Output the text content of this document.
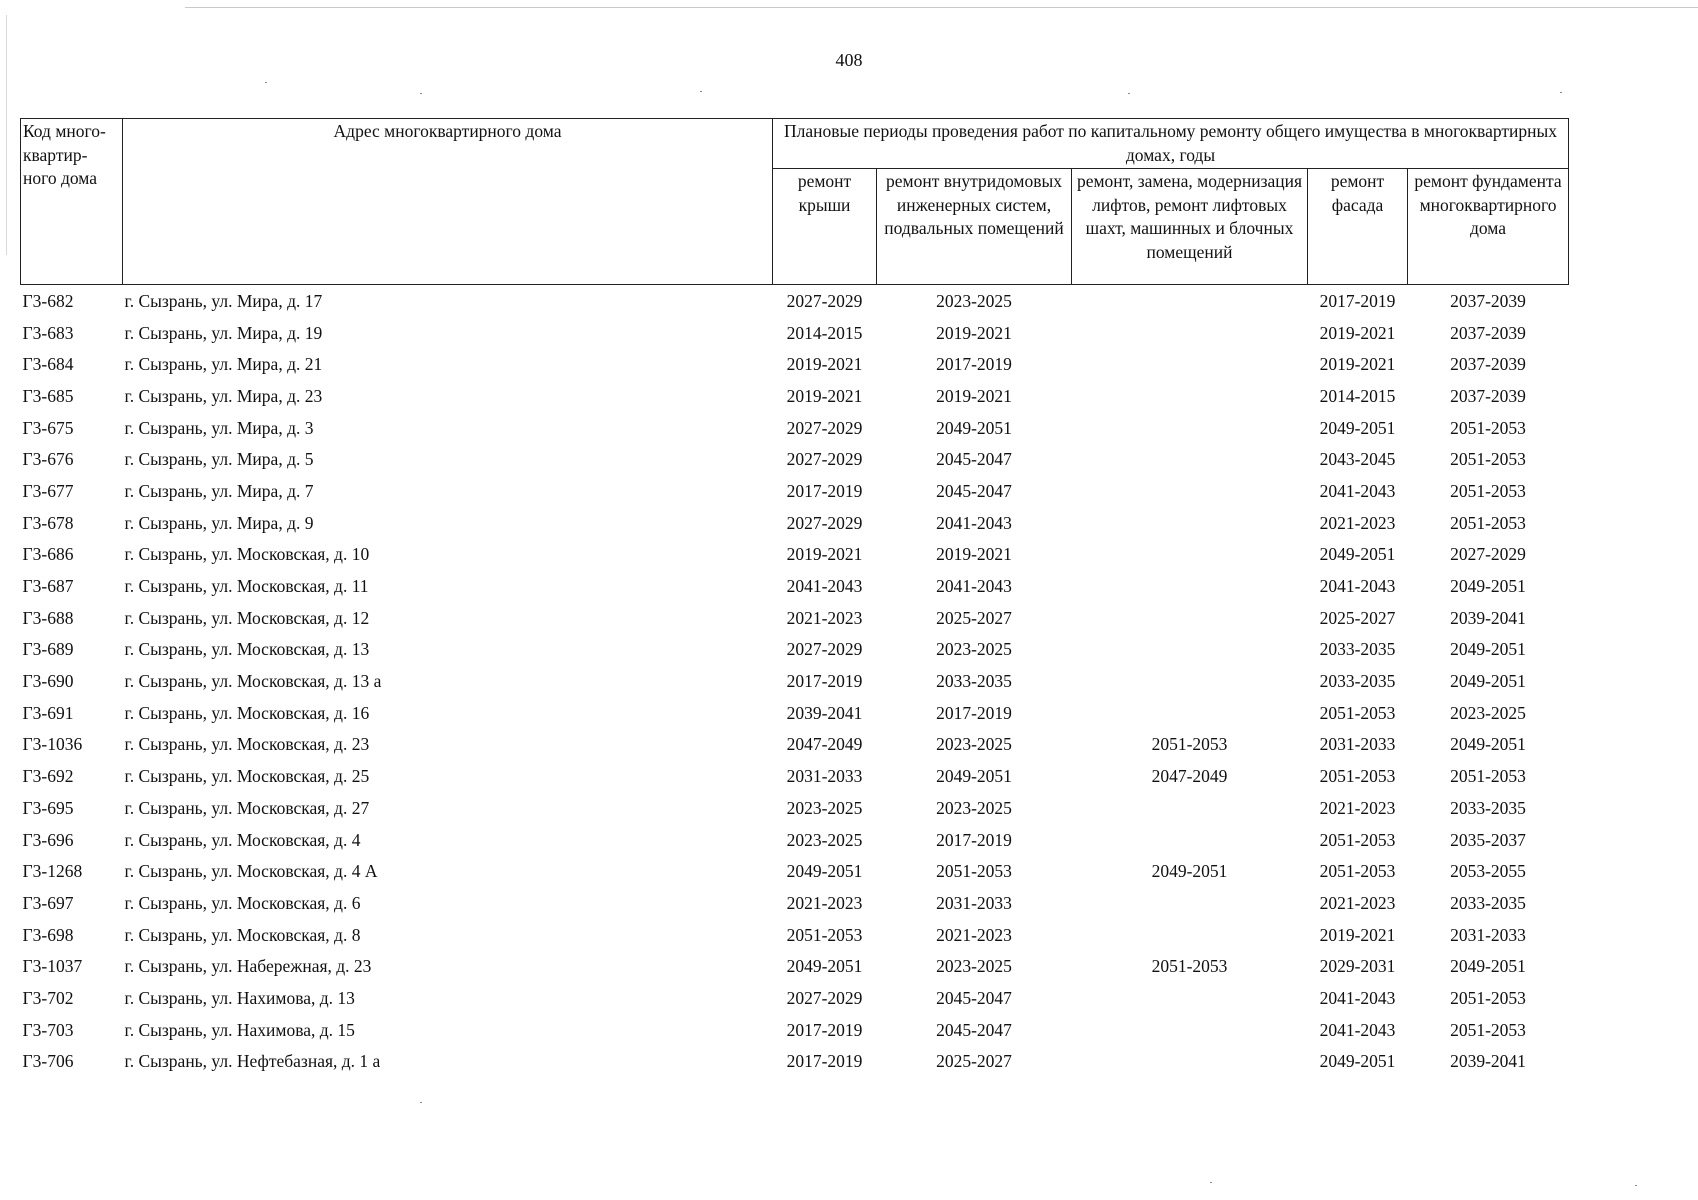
408
Код много-квартир-ного дома	Адрес многоквартирного дома	Плановые периоды проведения работ по капитальному ремонту общего имущества в многоквартирных домах, годы				
		ремонт крыши	ремонт внутридомовых инженерных систем, подвальных помещений	ремонт, замена, модернизация лифтов, ремонт лифтовых шахт, машинных и блочных помещений	ремонт фасада	ремонт фундамента многоквартирного дома
Г3-682	г. Сызрань, ул. Мира, д. 17	2027-2029	2023-2025		2017-2019	2037-2039
Г3-683	г. Сызрань, ул. Мира, д. 19	2014-2015	2019-2021		2019-2021	2037-2039
Г3-684	г. Сызрань, ул. Мира, д. 21	2019-2021	2017-2019		2019-2021	2037-2039
Г3-685	г. Сызрань, ул. Мира, д. 23	2019-2021	2019-2021		2014-2015	2037-2039
Г3-675	г. Сызрань, ул. Мира, д. 3	2027-2029	2049-2051		2049-2051	2051-2053
Г3-676	г. Сызрань, ул. Мира, д. 5	2027-2029	2045-2047		2043-2045	2051-2053
Г3-677	г. Сызрань, ул. Мира, д. 7	2017-2019	2045-2047		2041-2043	2051-2053
Г3-678	г. Сызрань, ул. Мира, д. 9	2027-2029	2041-2043		2021-2023	2051-2053
Г3-686	г. Сызрань, ул. Московская, д. 10	2019-2021	2019-2021		2049-2051	2027-2029
Г3-687	г. Сызрань, ул. Московская, д. 11	2041-2043	2041-2043		2041-2043	2049-2051
Г3-688	г. Сызрань, ул. Московская, д. 12	2021-2023	2025-2027		2025-2027	2039-2041
Г3-689	г. Сызрань, ул. Московская, д. 13	2027-2029	2023-2025		2033-2035	2049-2051
Г3-690	г. Сызрань, ул. Московская, д. 13 а	2017-2019	2033-2035		2033-2035	2049-2051
Г3-691	г. Сызрань, ул. Московская, д. 16	2039-2041	2017-2019		2051-2053	2023-2025
Г3-1036	г. Сызрань, ул. Московская, д. 23	2047-2049	2023-2025	2051-2053	2031-2033	2049-2051
Г3-692	г. Сызрань, ул. Московская, д. 25	2031-2033	2049-2051	2047-2049	2051-2053	2051-2053
Г3-695	г. Сызрань, ул. Московская, д. 27	2023-2025	2023-2025		2021-2023	2033-2035
Г3-696	г. Сызрань, ул. Московская, д. 4	2023-2025	2017-2019		2051-2053	2035-2037
Г3-1268	г. Сызрань, ул. Московская, д. 4 А	2049-2051	2051-2053	2049-2051	2051-2053	2053-2055
Г3-697	г. Сызрань, ул. Московская, д. 6	2021-2023	2031-2033		2021-2023	2033-2035
Г3-698	г. Сызрань, ул. Московская, д. 8	2051-2053	2021-2023		2019-2021	2031-2033
Г3-1037	г. Сызрань, ул. Набережная, д. 23	2049-2051	2023-2025	2051-2053	2029-2031	2049-2051
Г3-702	г. Сызрань, ул. Нахимова, д. 13	2027-2029	2045-2047		2041-2043	2051-2053
Г3-703	г. Сызрань, ул. Нахимова, д. 15	2017-2019	2045-2047		2041-2043	2051-2053
Г3-706	г. Сызрань, ул. Нефтебазная, д. 1 а	2017-2019	2025-2027		2049-2051	2039-2041
